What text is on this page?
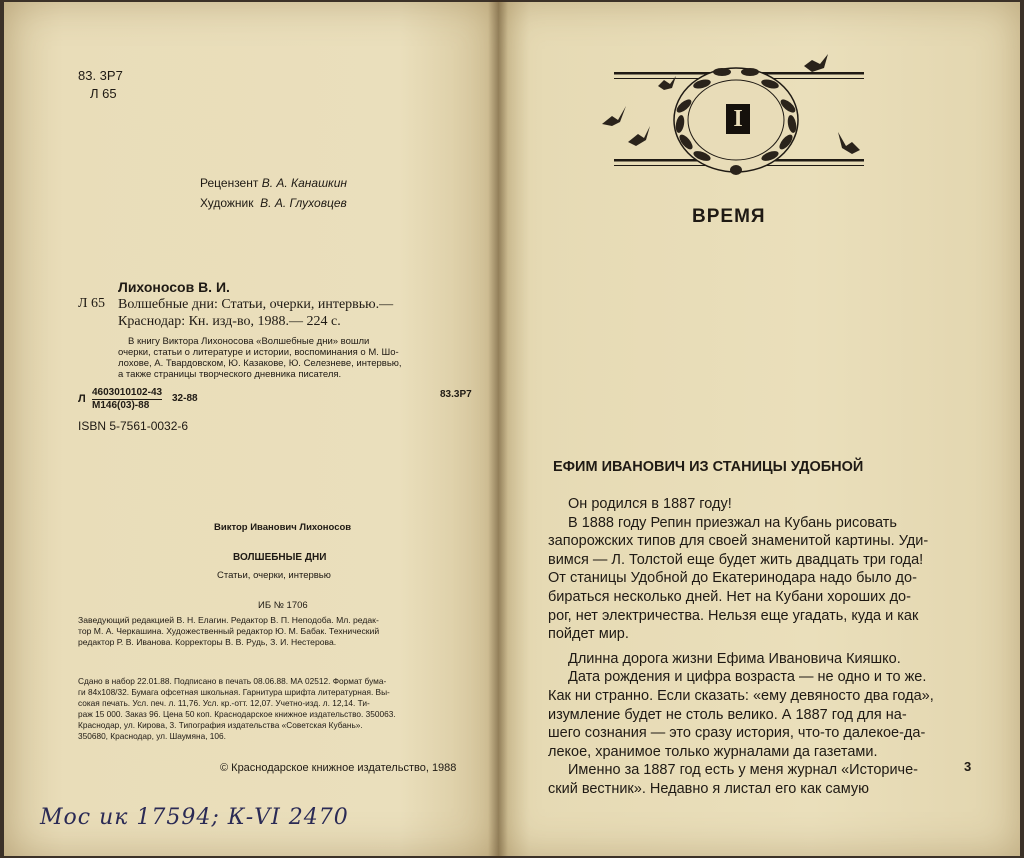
83. 3Р7
Л 65
Рецензент В. А. Канашкин
Художник В. А. Глуховцев
Лихоносов В. И.
Л 65 Волшебные дни: Статьи, очерки, интервью.—
Краснодар: Кн. изд-во, 1988.— 224 с.
В книгу Виктора Лихоносова «Волшебные дни» вошли
очерки, статьи о литературе и истории, воспоминания о М. Шо-
лохове, А. Твардовском, Ю. Казакове, Ю. Селезневе, интервью,
а также страницы творческого дневника писателя.
Л
4603010102-43
М146(03)-88
32-88	83.3Р7
ISBN 5-7561-0032-6
Виктор Иванович Лихоносов
ВОЛШЕБНЫЕ ДНИ
Статьи, очерки, интервью
ИБ № 1706
Заведующий редакцией В. Н. Елагин. Редактор В. П. Неподоба. Мл. редак-
тор М. А. Черкашина. Художественный редактор Ю. М. Бабак. Технический
редактор Р. В. Иванова. Корректоры В. В. Рудь, З. И. Нестерова.
Сдано в набор 22.01.88. Подписано в печать 08.06.88. МА 02512. Формат бума-
ги 84х108/32. Бумага офсетная школьная. Гарнитура шрифта литературная. Вы-
сокая печать. Усл. печ. л. 11,76. Усл. кр.-отт. 12,07. Учетно-изд. л. 12,14. Ти-
раж 15 000. Заказ 96. Цена 50 коп. Краснодарское книжное издательство. 350063.
Краснодар, ул. Кирова, 3. Типография издательства «Советская Кубань».
350680, Краснодар, ул. Шаумяна, 106.
© Краснодарское книжное издательство, 1988
Мос ик 17594; К-VI 2470
I
ВРЕМЯ
ЕФИМ ИВАНОВИЧ ИЗ СТАНИЦЫ УДОБНОЙ

Он родился в 1887 году!

В 1888 году Репин приезжал на Кубань рисовать

запорожских типов для своей знаменитой картины. Уди-

вимся — Л. Толстой еще будет жить двадцать три года!

От станицы Удобной до Екатеринодара надо было до-

бираться несколько дней. Нет на Кубани хороших до-

рог, нет электричества. Нельзя еще угадать, куда и как

пойдет мир.

Длинна дорога жизни Ефима Ивановича Кияшко.

Дата рождения и цифра возраста — не одно и то же.

Как ни странно. Если сказать: «ему девяносто два года»,

изумление будет не столь велико. А 1887 год для на-

шего сознания — это сразу история, что-то далекое-да-

лекое, хранимое только журналами да газетами.

Именно за 1887 год есть у меня журнал «Историче-

ский вестник». Недавно я листал его как самую

3
